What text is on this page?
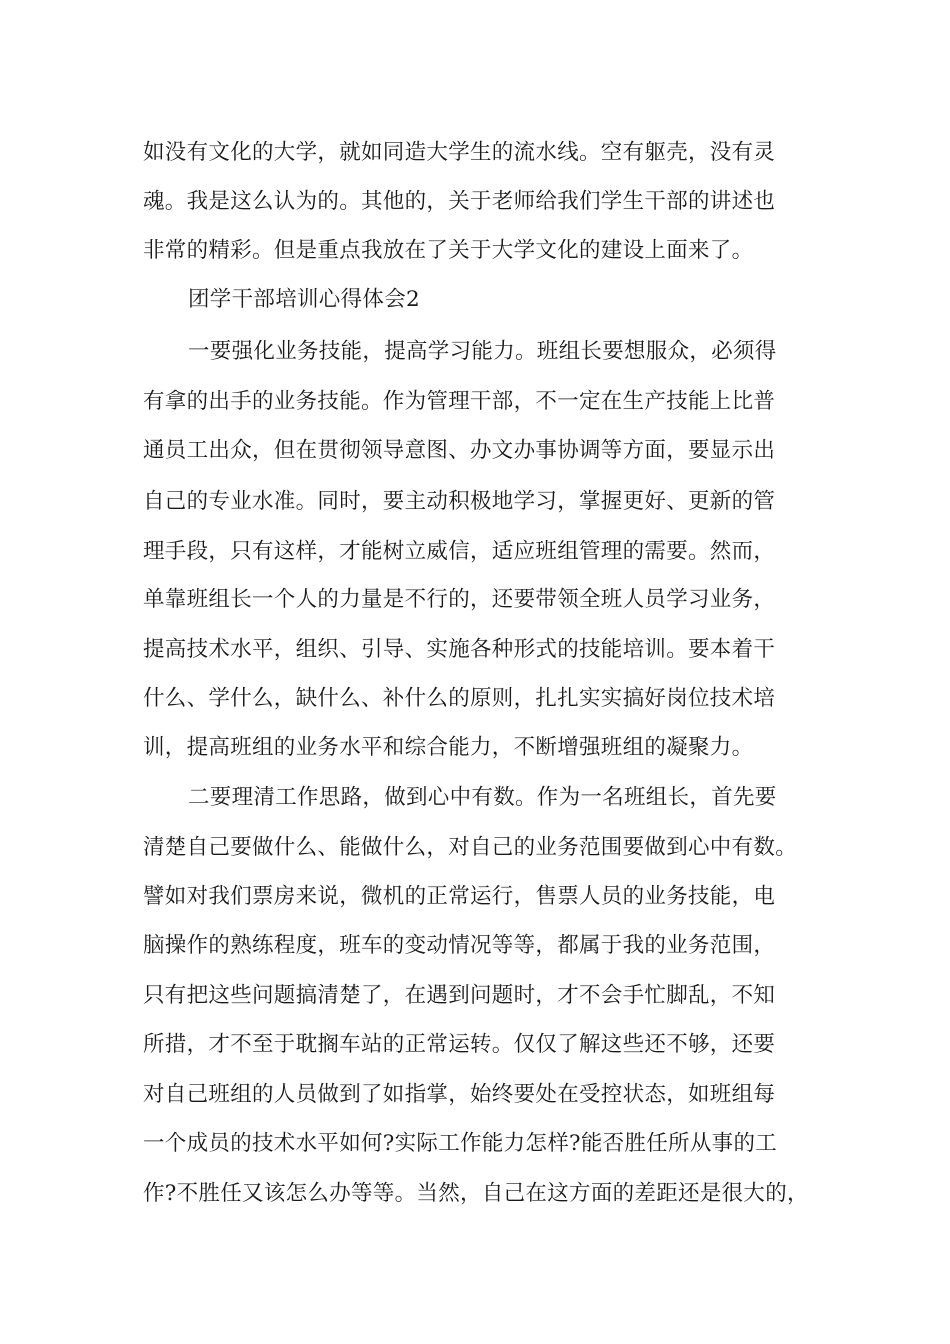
如没有文化的大学，就如同造大学生的流水线。空有躯壳，没有灵
魂。我是这么认为的。其他的，关于老师给我们学生干部的讲述也
非常的精彩。但是重点我放在了关于大学文化的建设上面来了。
团学干部培训心得体会2
一要强化业务技能，提高学习能力。班组长要想服众，必须得
有拿的出手的业务技能。作为管理干部，不一定在生产技能上比普
通员工出众，但在贯彻领导意图、办文办事协调等方面，要显示出
自己的专业水准。同时，要主动积极地学习，掌握更好、更新的管
理手段，只有这样，才能树立威信，适应班组管理的需要。然而，
单靠班组长一个人的力量是不行的，还要带领全班人员学习业务，
提高技术水平，组织、引导、实施各种形式的技能培训。要本着干
什么、学什么，缺什么、补什么的原则，扎扎实实搞好岗位技术培
训，提高班组的业务水平和综合能力，不断增强班组的凝聚力。
二要理清工作思路，做到心中有数。作为一名班组长，首先要
清楚自己要做什么、能做什么，对自己的业务范围要做到心中有数。
譬如对我们票房来说，微机的正常运行，售票人员的业务技能，电
脑操作的熟练程度，班车的变动情况等等，都属于我的业务范围，
只有把这些问题搞清楚了，在遇到问题时，才不会手忙脚乱，不知
所措，才不至于耽搁车站的正常运转。仅仅了解这些还不够，还要
对自己班组的人员做到了如指掌，始终要处在受控状态，如班组每
一个成员的技术水平如何?实际工作能力怎样?能否胜任所从事的工
作?不胜任又该怎么办等等。当然，自己在这方面的差距还是很大的，
